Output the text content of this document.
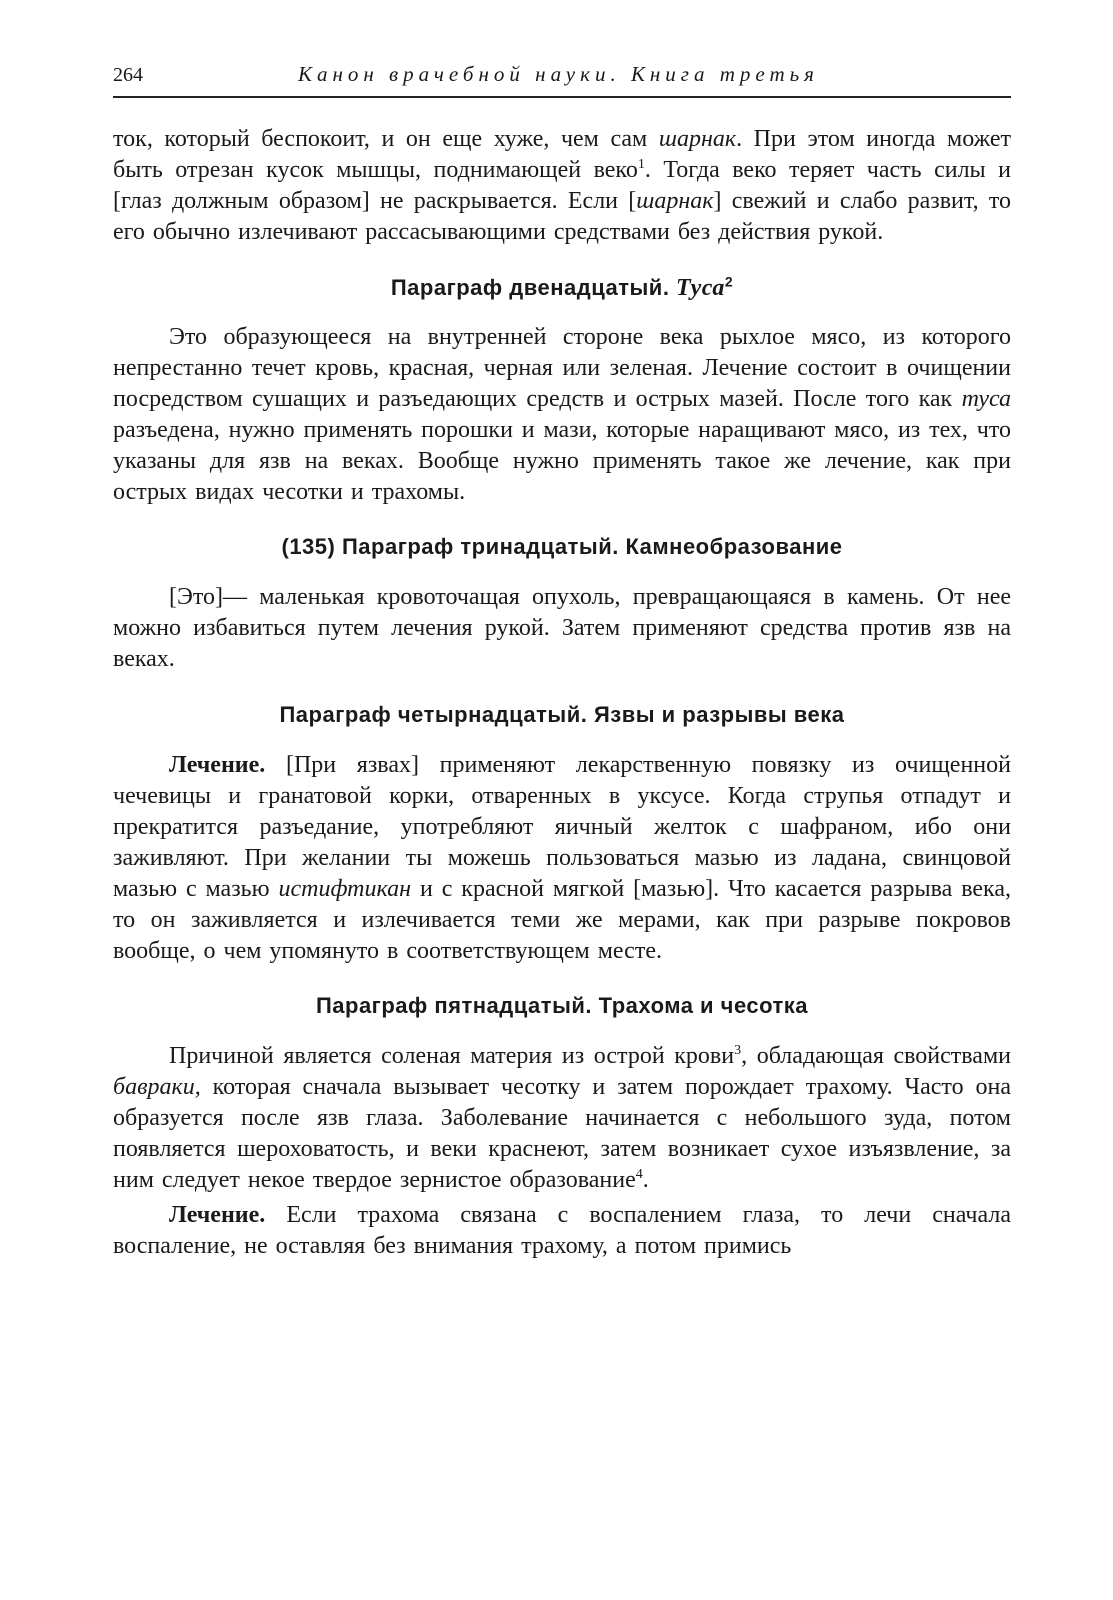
264	Канон врачебной науки. Книга третья

ток, который беспокоит, и он еще хуже, чем сам шарнак. При этом иногда может быть отрезан кусок мышцы, поднимающей веко$^1$. Тогда веко теряет часть силы и [глаз должным образом] не раскрывается. Если [шарнак] свежий и слабо развит, то его обычно излечивают рассасывающими средствами без действия рукой.

Параграф двенадцатый. Туса$^2$

Это образующееся на внутренней стороне века рыхлое мясо, из которого непрестанно течет кровь, красная, черная или зеленая. Лечение состоит в очищении посредством сушащих и разъедающих средств и острых мазей. После того как туса разъедена, нужно применять порошки и мази, которые наращивают мясо, из тех, что указаны для язв на веках. Вообще нужно применять такое же лечение, как при острых видах чесотки и трахомы.

(135) Параграф тринадцатый. Камнеобразование

[Это]— маленькая кровоточащая опухоль, превращающаяся в камень. От нее можно избавиться путем лечения рукой. Затем применяют средства против язв на веках.

Параграф четырнадцатый. Язвы и разрывы века

Лечение. [При язвах] применяют лекарственную повязку из очищенной чечевицы и гранатовой корки, отваренных в уксусе. Когда струпья отпадут и прекратится разъедание, употребляют яичный желток с шафраном, ибо они заживляют. При желании ты можешь пользоваться мазью из ладана, свинцовой мазью с мазью истифтикан и с красной мягкой [мазью]. Что касается разрыва века, то он заживляется и излечивается теми же мерами, как при разрыве покровов вообще, о чем упомянуто в соответствующем месте.

Параграф пятнадцатый. Трахома и чесотка

Причиной является соленая материя из острой крови$^3$, обладающая свойствами бавраки, которая сначала вызывает чесотку и затем порождает трахому. Часто она образуется после язв глаза. Заболевание начинается с небольшого зуда, потом появляется шероховатость, и веки краснеют, затем возникает сухое изъязвление, за ним следует некое твердое зернистое образование$^4$.

Лечение. Если трахома связана с воспалением глаза, то лечи сначала воспаление, не оставляя без внимания трахому, а потом примись
